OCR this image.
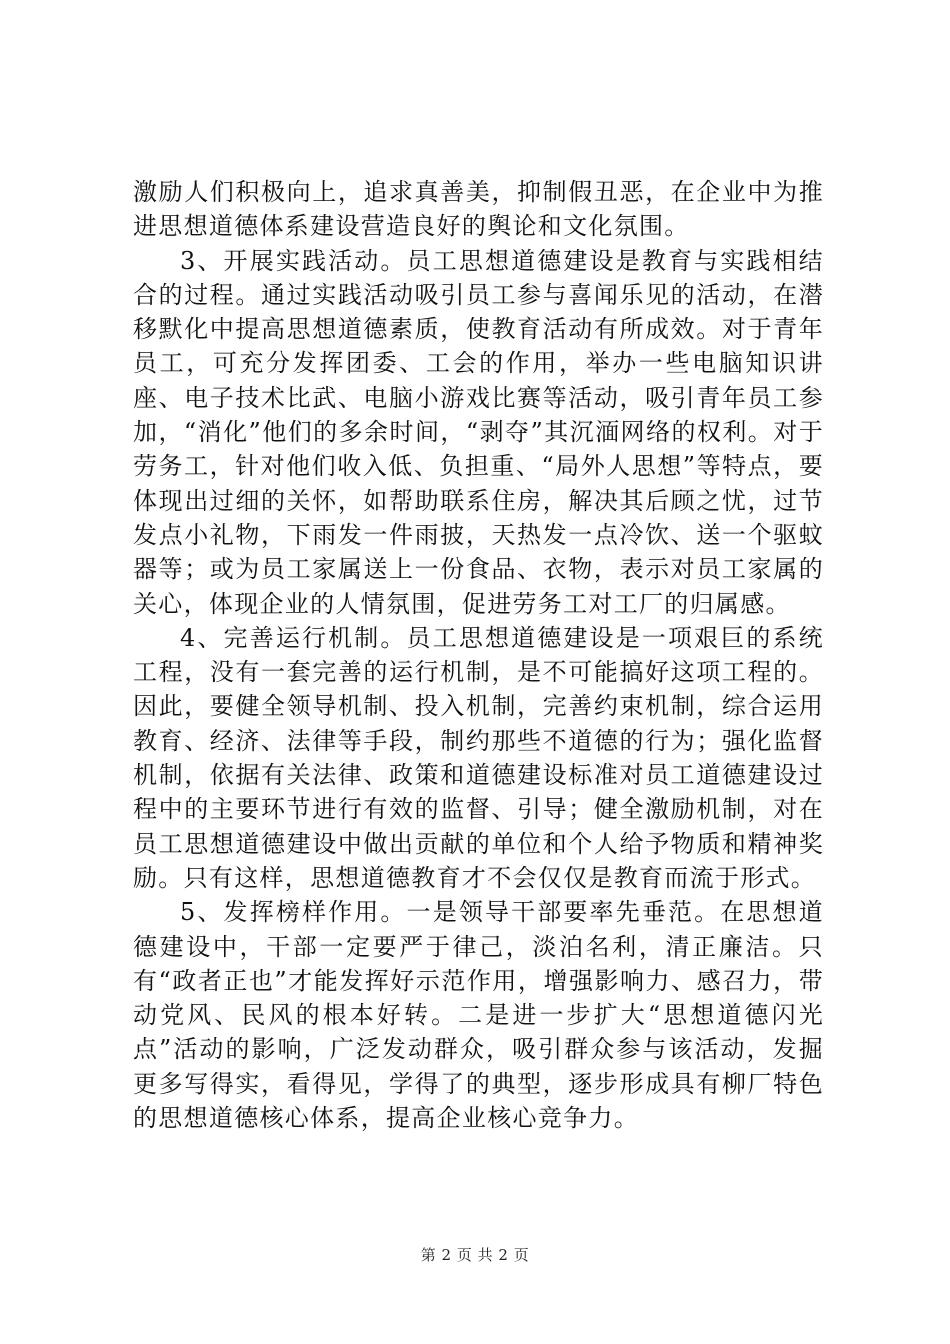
激励人们积极向上，追求真善美，抑制假丑恶，在企业中为推进思想道德体系建设营造良好的舆论和文化氛围。

3、开展实践活动。员工思想道德建设是教育与实践相结合的过程。通过实践活动吸引员工参与喜闻乐见的活动，在潜移默化中提高思想道德素质，使教育活动有所成效。对于青年员工，可充分发挥团委、工会的作用，举办一些电脑知识讲座、电子技术比武、电脑小游戏比赛等活动，吸引青年员工参加，“消化”他们的多余时间，“剥夺”其沉湎网络的权利。对于劳务工，针对他们收入低、负担重、“局外人思想”等特点，要体现出过细的关怀，如帮助联系住房，解决其后顾之忧，过节发点小礼物，下雨发一件雨披，天热发一点冷饮、送一个驱蚊器等；或为员工家属送上一份食品、衣物，表示对员工家属的关心，体现企业的人情氛围，促进劳务工对工厂的归属感。

4、完善运行机制。员工思想道德建设是一项艰巨的系统工程，没有一套完善的运行机制，是不可能搞好这项工程的。因此，要健全领导机制、投入机制，完善约束机制，综合运用教育、经济、法律等手段，制约那些不道德的行为；强化监督机制，依据有关法律、政策和道德建设标准对员工道德建设过程中的主要环节进行有效的监督、引导；健全激励机制，对在员工思想道德建设中做出贡献的单位和个人给予物质和精神奖励。只有这样，思想道德教育才不会仅仅是教育而流于形式。

5、发挥榜样作用。一是领导干部要率先垂范。在思想道德建设中，干部一定要严于律己，淡泊名利，清正廉洁。只有“政者正也”才能发挥好示范作用，增强影响力、感召力，带动党风、民风的根本好转。二是进一步扩大“思想道德闪光点”活动的影响，广泛发动群众，吸引群众参与该活动，发掘更多写得实，看得见，学得了的典型，逐步形成具有柳厂特色的思想道德核心体系，提高企业核心竞争力。

第 2 页 共 2 页
